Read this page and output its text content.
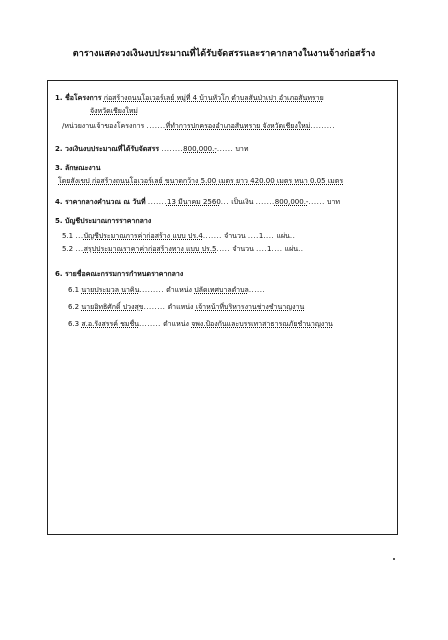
ตารางแสดงวงเงินงบประมาณที่ได้รับจัดสรรและราคากลางในงานจ้างก่อสร้าง
1. ชื่อโครงการ ก่อสร้างถนนโอเวอร์เลย์ หมู่ที่ 4 บ้านหัวโก ตำบลสันป่าเปา อำเภอสันทราย
จังหวัดเชียงใหม่
/หน่วยงานเจ้าของโครงการ .......ที่ทำการปกครองอำเภอสันทราย จังหวัดเชียงใหม่.........
2. วงเงินงบประมาณที่ได้รับจัดสรร ........800,000.-...... บาท
3. ลักษณะงาน
โดยสังเขป ก่อสร้างถนนโอเวอร์เลย์ ขนาดกว้าง 5.00 เมตร ยาว 420.00 เมตร หนา 0.05 เมตร
4. ราคากลางคำนวณ ณ วันที่ .......13 มีนาคม 2560... เป็นเงิน .......800,000.-...... บาท
5. บัญชีประมาณการราคากลาง
5.1 ...บัญชีประมาณการค่าก่อสร้าง แบบ ปร.4....... จำนวน ....1.... แผ่น..
5.2 ...สรุปประมาณราคาค่าก่อสร้างทาง แบบ ปร.5..... จำนวน ....1.... แผ่น..
6. รายชื่อคณะกรรมการกำหนดราคากลาง
6.1 นายประมวล นาคิน......... ตำแหน่ง ปลัดเทศบาลตำบล......
6.2 นายอิทธิศักดิ์ ปวงสุข........ ตำแหน่ง เจ้าหน้าที่บริหารงานช่างชำนาญงาน
6.3 ส.อ.รังสรรค์ ชมชื่น........ ตำแหน่ง จพง.ป้องกันและบรรเทาสาธารณภัยชำนาญงาน
